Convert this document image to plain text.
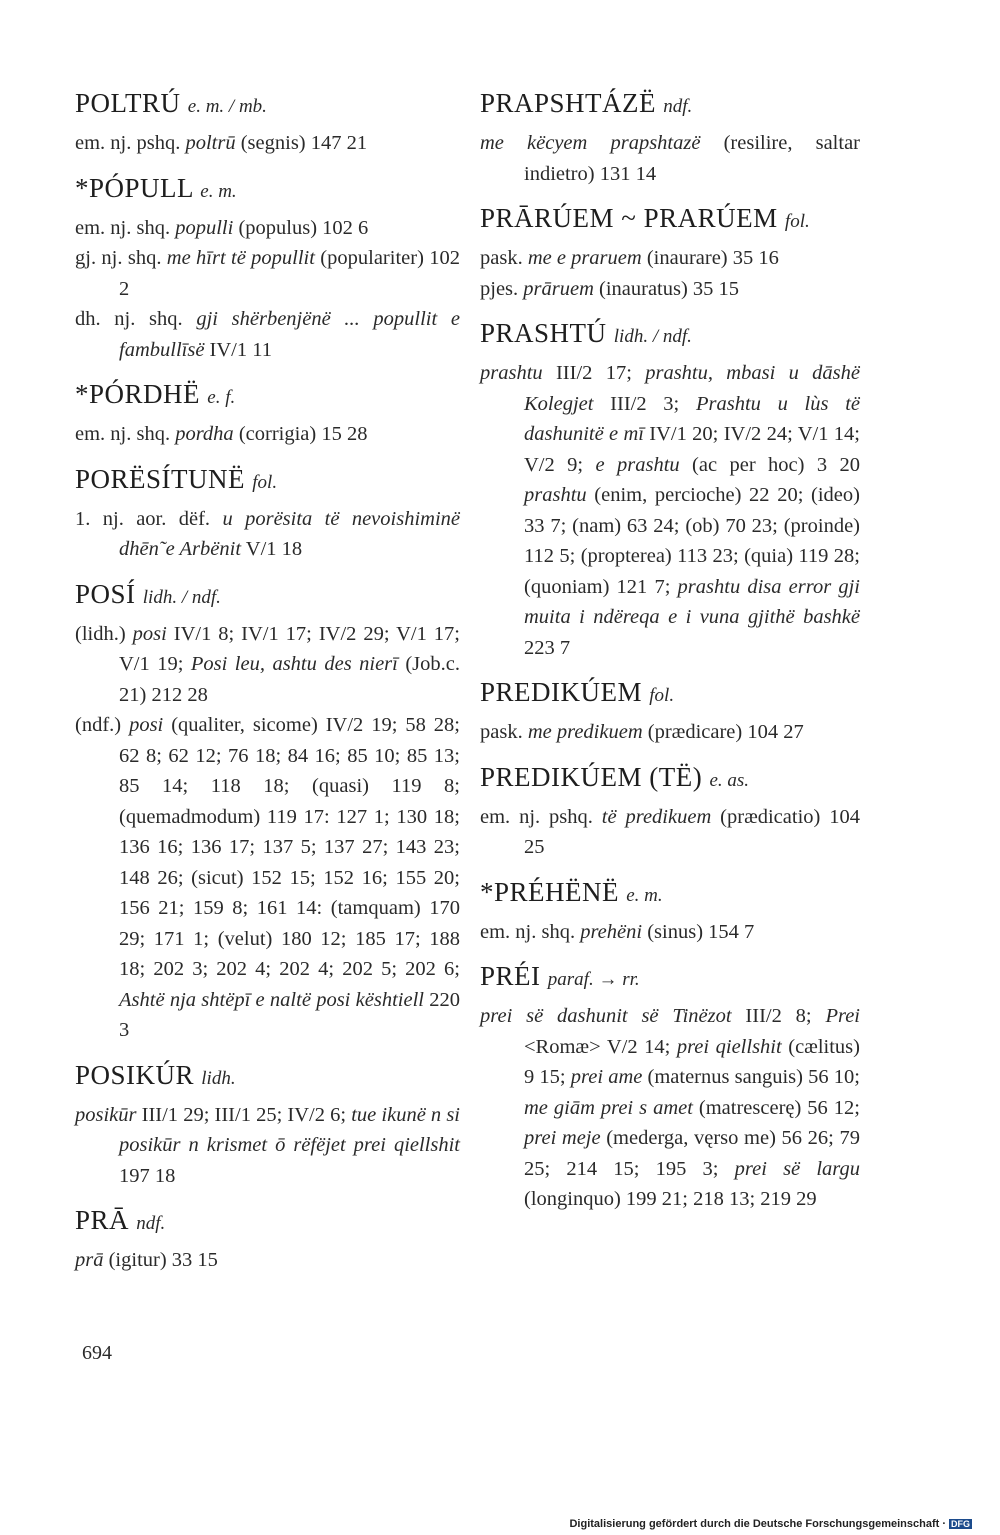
POLTRÚ e. m. / mb.
em. nj. pshq. poltrū (segnis) 147 21
*PÓPULL e. m.
em. nj. shq. populli (populus) 102 6
gj. nj. shq. me hīrt të popullit (populariter) 102 2
dh. nj. shq. gji shërbenjënë ... popullit e fambullīsë IV/1 11
*PÓRDHË e. f.
em. nj. shq. pordha (corrigia) 15 28
PORËSÍTUNË fol.
1. nj. aor. dëf. u porësita të nevoishiminë dhēn˜e Arbënit V/1 18
POSÍ lidh. / ndf.
(lidh.) posi IV/1 8; IV/1 17; IV/2 29; V/1 17; V/1 19; Posi leu, ashtu des nierī (Job.c. 21) 212 28
(ndf.) posi (qualiter, sicome) IV/2 19; 58 28; 62 8; 62 12; 76 18; 84 16; 85 10; 85 13; 85 14; 118 18; (quasi) 119 8; (quemadmodum) 119 17: 127 1; 130 18; 136 16; 136 17; 137 5; 137 27; 143 23; 148 26; (sicut) 152 15; 152 16; 155 20; 156 21; 159 8; 161 14: (tamquam) 170 29; 171 1; (velut) 180 12; 185 17; 188 18; 202 3; 202 4; 202 4; 202 5; 202 6; Ashtë nja shtëpī e naltë posi kështiell 220 3
POSIKÚR lidh.
posikūr III/1 29; III/1 25; IV/2 6; tue ikunë n si posikūr n krismet ō rëfëjet prei qiellshit 197 18
PRĀ ndf.
prā (igitur) 33 15
PRAPSHTÁZË ndf.
me këcyem prapshtazë (resilire, saltar indietro) 131 14
PRĀRÚEM ~ PRARÚEM fol.
pask. me e praruem (inaurare) 35 16
pjes. prāruem (inauratus) 35 15
PRASHTÚ lidh. / ndf.
prashtu III/2 17; prashtu, mbasi u dāshë Kolegjet III/2 3; Prashtu u lùs të dashunitë e mī IV/1 20; IV/2 24; V/1 14; V/2 9; e prashtu (ac per hoc) 3 20 prashtu (enim, percioche) 22 20; (ideo) 33 7; (nam) 63 24; (ob) 70 23; (proinde) 112 5; (propterea) 113 23; (quia) 119 28; (quoniam) 121 7; prashtu disa error gji muita i ndëreqa e i vuna gjithë bashkë 223 7
PREDIKÚEM fol.
pask. me predikuem (prædicare) 104 27
PREDIKÚEM (TË) e. as.
em. nj. pshq. të predikuem (prædicatio) 104 25
*PRÉHËNË e. m.
em. nj. shq. prehëni (sinus) 154 7
PRÉI paraf. → rr.
prei së dashunit së Tinëzot III/2 8; Prei <Romæ> V/2 14; prei qiellshit (cælitus) 9 15; prei ame (maternus sanguis) 56 10; me giām prei s amet (matrescerę) 56 12; prei meje (mederga, vęrso me) 56 26; 79 25; 214 15; 195 3; prei së largu (longinquo) 199 21; 218 13; 219 29
694
Digitalisierung gefördert durch die Deutsche Forschungsgemeinschaft · DFG
